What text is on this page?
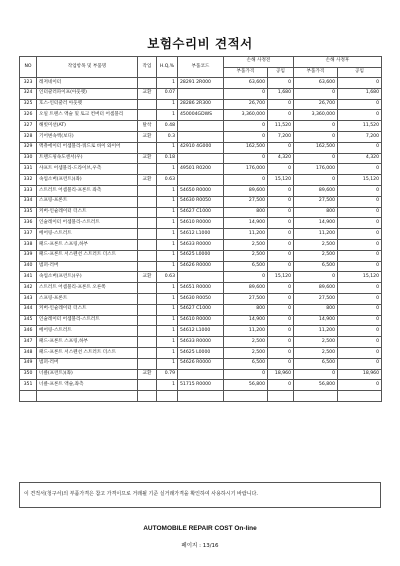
보험수리비 견적서
NO	작업항목 및 부품명	작업	H.Q,%	부품코드	손해 사정전		손해 사정후	
					부품가격	공임	부품가격	공임
323	레저네이터		1	28291 2R000	63,600	0	63,600	0
324	인터쿨러파이프(아웃렛)	교환	0.07		0	1,680	0	1,680
325	호스-인터쿨러 아웃렛		1	28286 2R300	26,700	0	26,700	0
326	오일 트랜스 액슬 및 토크 컨버터 어셈블리		1	450004GDWS	3,360,000	0	3,360,000	0
327	해빗미션(AT)	탈착	0.48		0	11,520	0	11,520
328	기어변속액(보디)	교환	0.3		0	7,200	0	7,200
329	액츄에이터 어셈블리-쿼드로 바이 와이어		1	42910 4G000	162,500	0	162,500	0
330	트랜드핑속도센서(우)	교환	0.18		0	4,320	0	4,320
331	샤프트 어셈블리-드라이브,우측		1	49501 R0200	176,000	0	176,000	0
332	속업소버(프런트)(좌)	교환	0.63		0	15,120	0	15,120
333	스트러트 어셈블리-프론트 좌측		1	54650 R0000	89,600	0	89,600	0
334	스프링-프론트		1	54630 R0050	27,500	0	27,500	0
335	커버-인슐레이터 더스트		1	54627 C1000	800	0	800	0
336	인슐레이터 어셈블리-스트러트		1	54610 R0000	14,900	0	14,900	0
337	베어링-스트러트		1	54612 L1000	11,200	0	11,200	0
338	패드-프론트 스프링,하부		1	54633 R0000	2,500	0	2,500	0
339	패드-프론트 서스펜션 스트러트 더스트		1	54625 L0000	2,500	0	2,500	0
340	범퍼-러버		1	54626 R0000	6,500	0	6,500	0
341	속업소버(프런트)(우)	교환	0.63		0	15,120	0	15,120
342	스트러트 어셈블리-프론트 오른쪽		1	54651 R0000	89,600	0	89,600	0
343	스프링-프론트		1	54630 R0050	27,500	0	27,500	0
344	커버-인슐레이터 더스트		1	54627 C1000	800	0	800	0
345	인슐레이터 어셈블리-스트러트		1	54610 R0000	14,900	0	14,900	0
346	베어링-스트러트		1	54612 L1000	11,200	0	11,200	0
347	패드-프론트 스프링,하부		1	54633 R0000	2,500	0	2,500	0
348	패드-프론트 서스펜션 스트러트 더스트		1	54625 L0000	2,500	0	2,500	0
349	범퍼-러버		1	54626 R0000	6,500	0	6,500	0
350	너클(프런트)(좌)	교환	0.79		0	18,960	0	18,960
351	너클-프론트 액슬,좌측		1	51715 R0000	56,800	0	56,800	0

이 견적서(청구서)의 부품가격은 참고 가격이므로 거래될 기준 실거래가격을 확인하여 사용하시기 바랍니다.
AUTOMOBILE REPAIR COST On-line
페이지 : 13/16
